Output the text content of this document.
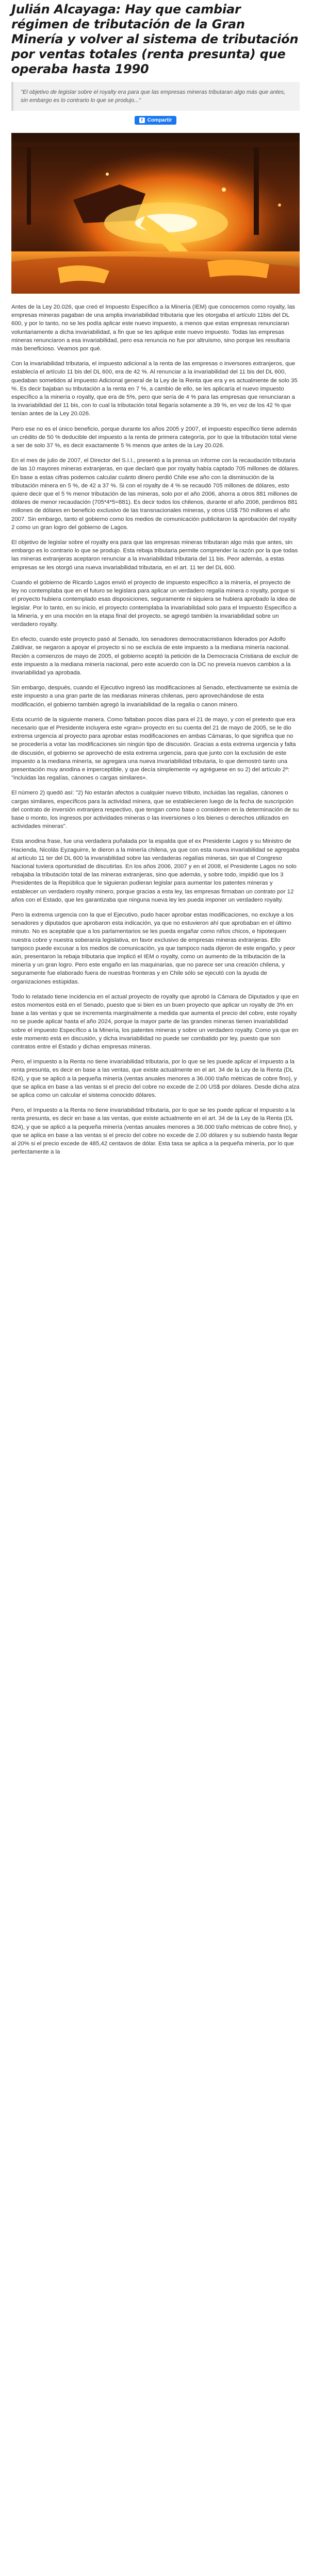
Julián Alcayaga: Hay que cambiar régimen de tributación de la Gran Minería y volver al sistema de tributación por ventas totales (renta presunta) que operaba hasta 1990
"El objetivo de legislar sobre el royalty era para que las empresas mineras tributaran algo más que antes, sin embargo es lo contrario lo que se produjo..."
f Compartir

Antes de la Ley 20.026, que creó el Impuesto Específico a la Minería (IEM) que conocemos como royalty, las empresas mineras pagaban de una amplia invariabilidad tributaria que les otorgaba el artículo 11bis del DL 600, y por lo tanto, no se les podía aplicar este nuevo impuesto, a menos que estas empresas renunciaran voluntariamente a dicha invariabilidad, a fin que se les aplique este nuevo impuesto. Todas las empresas mineras renunciaron a esa invariabilidad, pero esa renuncia no fue por altruismo, sino porque les resultaría más beneficioso. Veamos por qué.

Con la invariabilidad tributaria, el impuesto adicional a la renta de las empresas o inversores extranjeros, que establecía el artículo 11 bis del DL 600, era de 42 %. Al renunciar a la invariabilidad del 11 bis del DL 600, quedaban sometidos al impuesto Adicional general de la Ley de la Renta que era y es actualmente de solo 35 %. Es decir bajaban su tributación a la renta en 7 %, a cambio de ello, se les aplicaría el nuevo impuesto específico a la minería o royalty, que era de 5%, pero que sería de 4 % para las empresas que renunciaran a la invariabilidad del 11 bis, con lo cual la tributación total llegaría solamente a 39 %, en vez de los 42 % que tenían antes de la Ley 20.026.

Pero ese no es el único beneficio, porque durante los años 2005 y 2007, el impuesto específico tiene además un crédito de 50 % deducible del impuesto a la renta de primera categoría, por lo que la tributación total viene a ser de solo 37 %, es decir exactamente 5 % menos que antes de la Ley 20.026.

En el mes de julio de 2007, el Director del S.I.I., presentó a la prensa un informe con la recaudación tributaria de las 10 mayores mineras extranjeras, en que declaró que por royalty había captado 705 millones de dólares. En base a estas cifras podemos calcular cuánto dinero perdió Chile ese año con la disminución de la tributación minera en 5 %, de 42 a 37 %. Si con el royalty de 4 % se recaudó 705 millones de dólares, esto quiere decir que el 5 % menor tributación de las mineras, solo por el año 2006, ahorra a otros 881 millones de dólares de menor recaudación (705*4*5=881). Es decir todos los chilenos, durante el año 2006, perdimos 881 millones de dólares en beneficio exclusivo de las transnacionales mineras, y otros US$ 750 millones el año 2007. Sin embargo, tanto el gobierno como los medios de comunicación publicitaron la aprobación del royalty 2 como un gran logro del gobierno de Lagos.

El objetivo de legislar sobre el royalty era para que las empresas mineras tributaran algo más que antes, sin embargo es lo contrario lo que se produjo. Esta rebaja tributaria permite comprender la razón por la que todas las mineras extranjeras aceptaron renunciar a la invariabilidad tributaria del 11 bis. Peor además, a estas empresas se les otorgó una nueva invariabilidad tributaria, en el art. 11 ter del DL 600.

Cuando el gobierno de Ricardo Lagos envió el proyecto de impuesto específico a la minería, el proyecto de ley no contemplaba que en el futuro se legislara para aplicar un verdadero regalía minera o royalty, porque si el proyecto hubiera contemplado esas disposiciones, seguramente ni siquiera se hubiera aprobado la idea de legislar. Por lo tanto, en su inicio, el proyecto contemplaba la invariabilidad solo para el Impuesto Específico a la Minería, y en una moción en la etapa final del proyecto, se agregó también la invariabilidad sobre un verdadero royalty.

En efecto, cuando este proyecto pasó al Senado, los senadores democratacristianos liderados por Adolfo Zaldívar, se negaron a apoyar el proyecto si no se excluía de este impuesto a la mediana minería nacional. Recién a comienzos de mayo de 2005, el gobierno aceptó la petición de la Democracia Cristiana de excluir de este impuesto a la mediana minería nacional, pero este acuerdo con la DC no preveía nuevos cambios a la invariabilidad ya aprobada.

Sin embargo, después, cuando el Ejecutivo ingresó las modificaciones al Senado, efectivamente se eximía de este impuesto a una gran parte de las medianas mineras chilenas, pero aprovechándose de esta modificación, el gobierno también agregó la invariabilidad de la regalía o canon minero.

Esta ocurrió de la siguiente manera. Como faltaban pocos días para el 21 de mayo, y con el pretexto que era necesario que el Presidente incluyera este «gran» proyecto en su cuenta del 21 de mayo de 2005, se le dio extrema urgencia al proyecto para aprobar estas modificaciones en ambas Cámaras, lo que significa que no se procedería a votar las modificaciones sin ningún tipo de discusión. Gracias a esta extrema urgencia y falta de discusión, el gobierno se aprovechó de esta extrema urgencia, para que junto con la exclusión de este impuesto a la mediana minería, se agregara una nueva invariabilidad tributaria, lo que demostró tanto una presentación muy anodina e imperceptible, y que decía simplemente «y agréguese en su 2) del artículo 2º: "incluidas las regalías, cánones o cargas similares».

El número 2) quedó así: "2) No estarán afectos a cualquier nuevo tributo, incluidas las regalías, cánones o cargas similares, específicos para la actividad minera, que se establecieren luego de la fecha de suscripción del contrato de inversión extranjera respectivo, que tengan como base o consideren en la determinación de su base o monto, los ingresos por actividades mineras o las inversiones o los bienes o derechos utilizados en actividades mineras".

Esta anodina frase, fue una verdadera puñalada por la espalda que el ex Presidente Lagos y su Ministro de Hacienda, Nicolás Eyzaguirre, le dieron a la minería chilena, ya que con esta nueva invariabilidad se agregaba al artículo 11 ter del DL 600 la invariabilidad sobre las verdaderas regalías mineras, sin que el Congreso Nacional tuviera oportunidad de discutirlas. En los años 2006, 2007 y en el 2008, el Presidente Lagos no solo rebajaba la tributación total de las mineras extranjeras, sino que además, y sobre todo, impidió que los 3 Presidentes de la República que le siguieran pudieran legislar para aumentar los patentes mineras y establecer un verdadero royalty minero, porque gracias a esta ley, las empresas firmaban un contrato por 12 años con el Estado, que les garantizaba que ninguna nueva ley les pueda imponer un verdadero royalty.

Pero la extrema urgencia con la que el Ejecutivo, pudo hacer aprobar estas modificaciones, no excluye a los senadores y diputados que aprobaron esta indicación, ya que no estuvieron ahí que aprobaban en el último minuto. No es aceptable que a los parlamentarios se les pueda engañar como niños chicos, e hipotequen nuestra cobre y nuestra soberanía legislativa, en favor exclusivo de empresas mineras extranjeras. Ello tampoco puede excusar a los medios de comunicación, ya que tampoco nada dijeron de este engaño, y peor aún, presentaron la rebaja tributaria que implicó el IEM o royalty, como un aumento de la tributación de la minería y un gran logro. Pero este engaño en las maquinarias, que no parece ser una creación chilena, y seguramente fue elaborado fuera de nuestras fronteras y en Chile sólo se ejecutó con la ayuda de organizaciones estúpidas.

Todo lo relatado tiene incidencia en el actual proyecto de royalty que aprobó la Cámara de Diputados y que en estos momentos está en el Senado, puesto que si bien es un buen proyecto que aplicar un royalty de 3% en base a las ventas y que se incrementa marginalmente a medida que aumenta el precio del cobre, este royalty no se puede aplicar hasta el año 2024, porque la mayor parte de las grandes mineras tienen invariabilidad sobre el impuesto Específico a la Minería, los patentes mineras y sobre un verdadero royalty. Como ya que en este momento está en discusión, y dicha invariabilidad no puede ser combatido por ley, puesto que son contratos entre el Estado y dichas empresas mineras.

Pero, el impuesto a la Renta no tiene invariabilidad tributaria, por lo que se les puede aplicar el impuesto a la renta presunta, es decir en base a las ventas, que existe actualmente en el art. 34 de la Ley de la Renta (DL 824), y que se aplicó a la pequeña minería (ventas anuales menores a 36.000 t/año métricas de cobre fino), y que se aplica en base a las ventas si el precio del cobre no excede de 2.00 US$ por dólares. Desde dicha alza se aplica como un calcular el sistema conocido dólares.

Pero, el Impuesto a la Renta no tiene invariabilidad tributaria, por lo que se les puede aplicar el impuesto a la renta presunta, es decir en base a las ventas, que existe actualmente en el art. 34 de la Ley de la Renta (DL 824), y que se aplicó a la pequeña minería (ventas anuales menores a 36.000 t/año métricas de cobre fino), y que se aplica en base a las ventas si el precio del cobre no excede de 2.00 dólares y su subiendo hasta llegar al 20% si el precio excede de 485,42 centavos de dólar. Esta tasa se aplica a la pequeña minería, por lo que perfectamente a la
